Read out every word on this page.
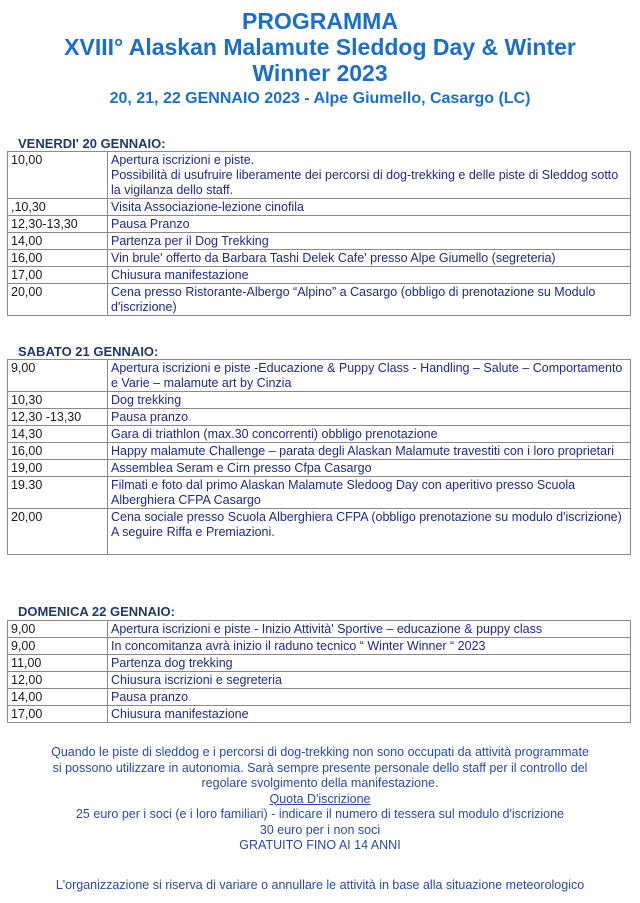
PROGRAMMA
XVIII° Alaskan Malamute Sleddog Day & Winter
Winner 2023
20, 21, 22 GENNAIO 2023 - Alpe Giumello, Casargo (LC)
VENERDI' 20 GENNAIO:
10,00	Apertura iscrizioni e piste.
Possibilità di usufruire liberamente dei percorsi di dog-trekking e delle piste di Sleddog sotto la vigilanza dello staff.
,10,30	Visita Associazione-lezione cinofila
12,30-13,30	Pausa Pranzo
14,00	Partenza per il Dog Trekking
16,00	Vin brule' offerto da Barbara Tashi Delek Cafe' presso Alpe Giumello (segreteria)
17,00	Chiusura manifestazione
20,00	Cena presso Ristorante-Albergo “Alpino” a Casargo (obbligo di prenotazione su Modulo d'iscrizione)
SABATO 21 GENNAIO:
9,00	Apertura iscrizioni e piste -Educazione & Puppy Class - Handling – Salute – Comportamento e Varie – malamute art by Cinzia
10,30	Dog trekking
12,30 -13,30	Pausa pranzo
14,30	Gara di triathlon (max.30 concorrenti) obbligo prenotazione
16,00	Happy malamute Challenge – parata degli Alaskan Malamute travestiti con i loro proprietari
19,00	Assemblea Seram e Cirn presso Cfpa Casargo
19.30	Filmati e foto dal primo Alaskan Malamute Sledoog Day con aperitivo presso Scuola Alberghiera CFPA Casargo
20,00	Cena sociale presso Scuola Alberghiera CFPA (obbligo prenotazione su modulo d'iscrizione) A seguire Riffa e Premiazioni.
DOMENICA 22 GENNAIO:
9,00	Apertura iscrizioni e piste - Inizio Attività' Sportive – educazione & puppy class
9,00	In concomitanza avrà inizio il raduno tecnico “ Winter Winner “ 2023
11,00	Partenza dog trekking
12,00	Chiusura iscrizioni e segreteria
14,00	Pausa pranzo
17,00	Chiusura manifestazione
Quando le piste di sleddog e i percorsi di dog-trekking non sono occupati da attività programmate
si possono utilizzare in autonomia. Sarà sempre presente personale dello staff per il controllo del
regolare svolgimento della manifestazione.
Quota D'iscrizione
25 euro per i soci (e i loro familiari) - indicare il numero di tessera sul modulo d'iscrizione
30 euro per i non soci
GRATUITO FINO AI 14 ANNI
L'organizzazione si riserva di variare o annullare le attività in base alla situazione meteorologico
